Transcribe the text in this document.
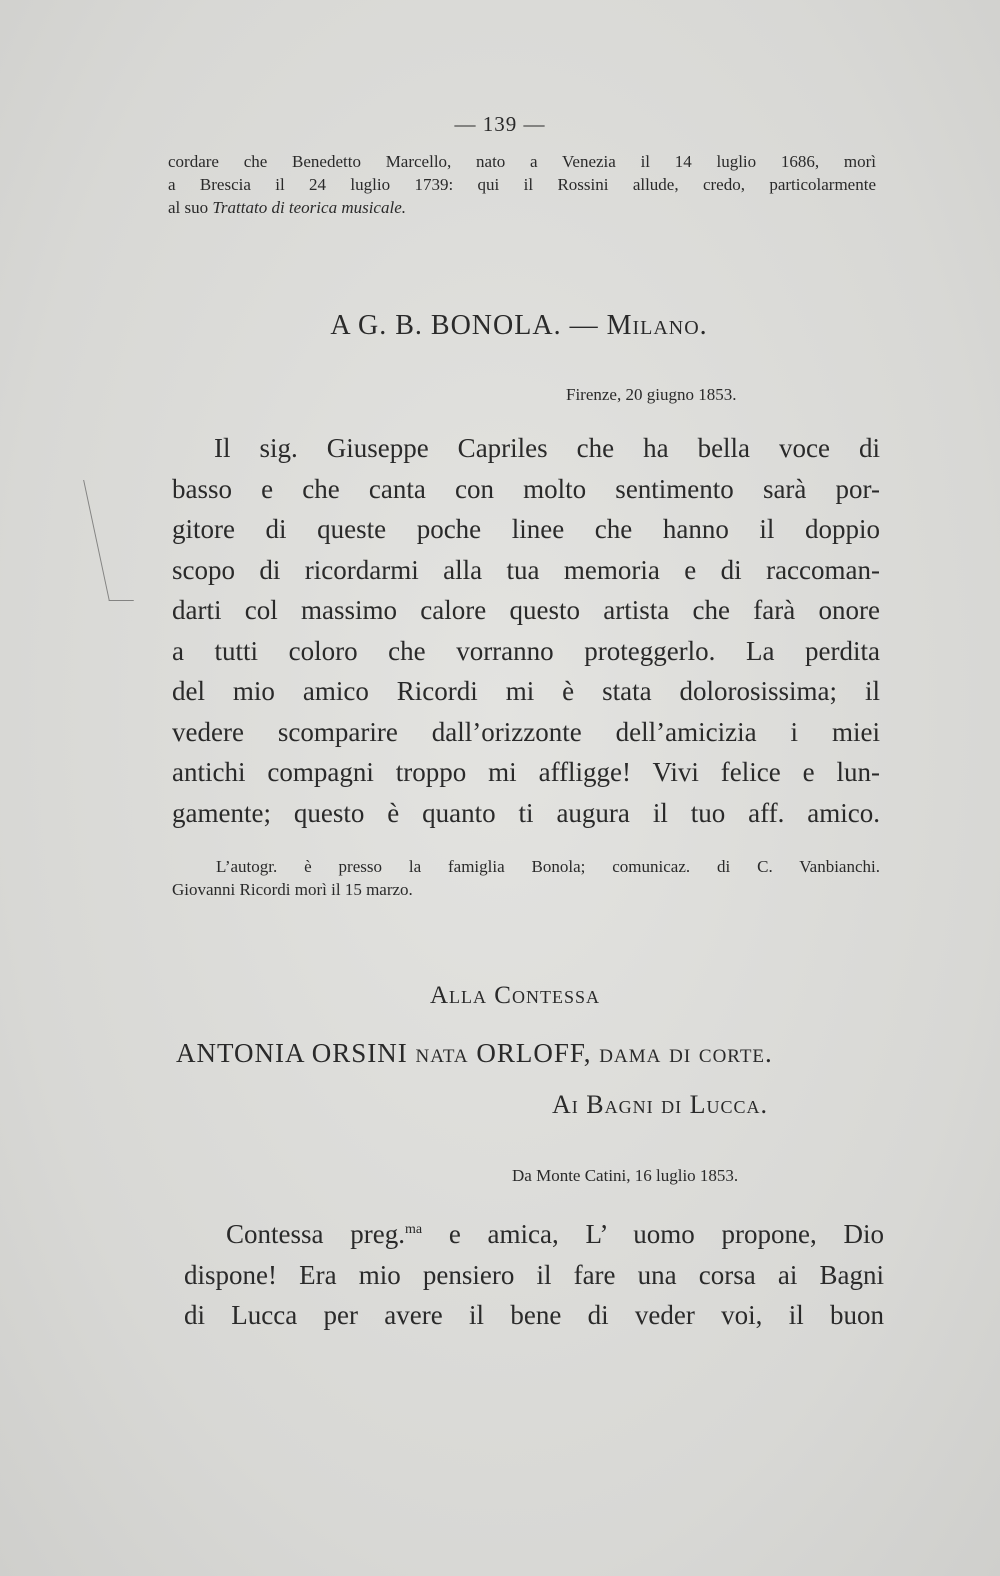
— 139 —

cordare che Benedetto Marcello, nato a Venezia il 14 luglio 1686, morì

a Brescia il 24 luglio 1739: qui il Rossini allude, credo, particolarmente

al suo Trattato di teorica musicale.

A G. B. BONOLA. — Milano.
Firenze, 20 giugno 1853.

Il sig. Giuseppe Capriles che ha bella voce di

basso e che canta con molto sentimento sarà por-

gitore di queste poche linee che hanno il doppio

scopo di ricordarmi alla tua memoria e di raccoman-

darti col massimo calore questo artista che farà onore

a tutti coloro che vorranno proteggerlo. La perdita

del mio amico Ricordi mi è stata dolorosissima; il

vedere scomparire dall’orizzonte dell’amicizia i miei

antichi compagni troppo mi affligge! Vivi felice e lun-

gamente; questo è quanto ti augura il tuo aff. amico.

L’autogr. è presso la famiglia Bonola; comunicaz. di C. Vanbianchi.

Giovanni Ricordi morì il 15 marzo.

Alla Contessa
ANTONIA ORSINI nata ORLOFF, dama di corte.
Ai Bagni di Lucca.
Da Monte Catini, 16 luglio 1853.

Contessa preg.$^{ma}$ e amica, L’ uomo propone, Dio

dispone! Era mio pensiero il fare una corsa ai Bagni

di Lucca per avere il bene di veder voi, il buon
